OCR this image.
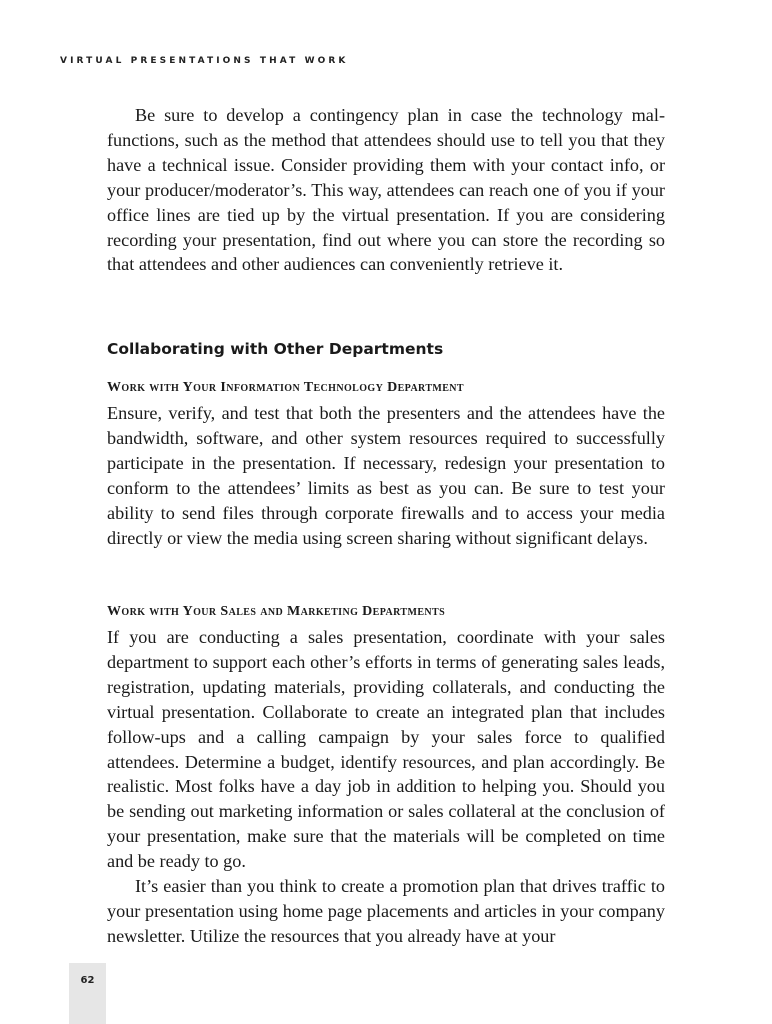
VIRTUAL PRESENTATIONS THAT WORK

Be sure to develop a contingency plan in case the technology malfunctions, such as the method that attendees should use to tell you that they have a technical issue. Consider providing them with your contact info, or your producer/moderator’s. This way, attendees can reach one of you if your office lines are tied up by the virtual presentation. If you are considering recording your presentation, find out where you can store the recording so that attendees and other audiences can conveniently retrieve it.

Collaborating with Other Departments
Work with Your Information Technology Department

Ensure, verify, and test that both the presenters and the attendees have the bandwidth, software, and other system resources required to successfully participate in the presentation. If necessary, redesign your presentation to conform to the attendees’ limits as best as you can. Be sure to test your ability to send files through corporate firewalls and to access your media directly or view the media using screen sharing without significant delays.

Work with Your Sales and Marketing Departments

If you are conducting a sales presentation, coordinate with your sales department to support each other’s efforts in terms of generating sales leads, registration, updating materials, providing collaterals, and conducting the virtual presentation. Collaborate to create an integrated plan that includes follow-ups and a calling campaign by your sales force to qualified attendees. Determine a budget, identify resources, and plan accordingly. Be realistic. Most folks have a day job in addition to helping you. Should you be sending out marketing information or sales collateral at the conclusion of your presentation, make sure that the materials will be completed on time and be ready to go.

It’s easier than you think to create a promotion plan that drives traffic to your presentation using home page placements and articles in your company newsletter. Utilize the resources that you already have at your

62
